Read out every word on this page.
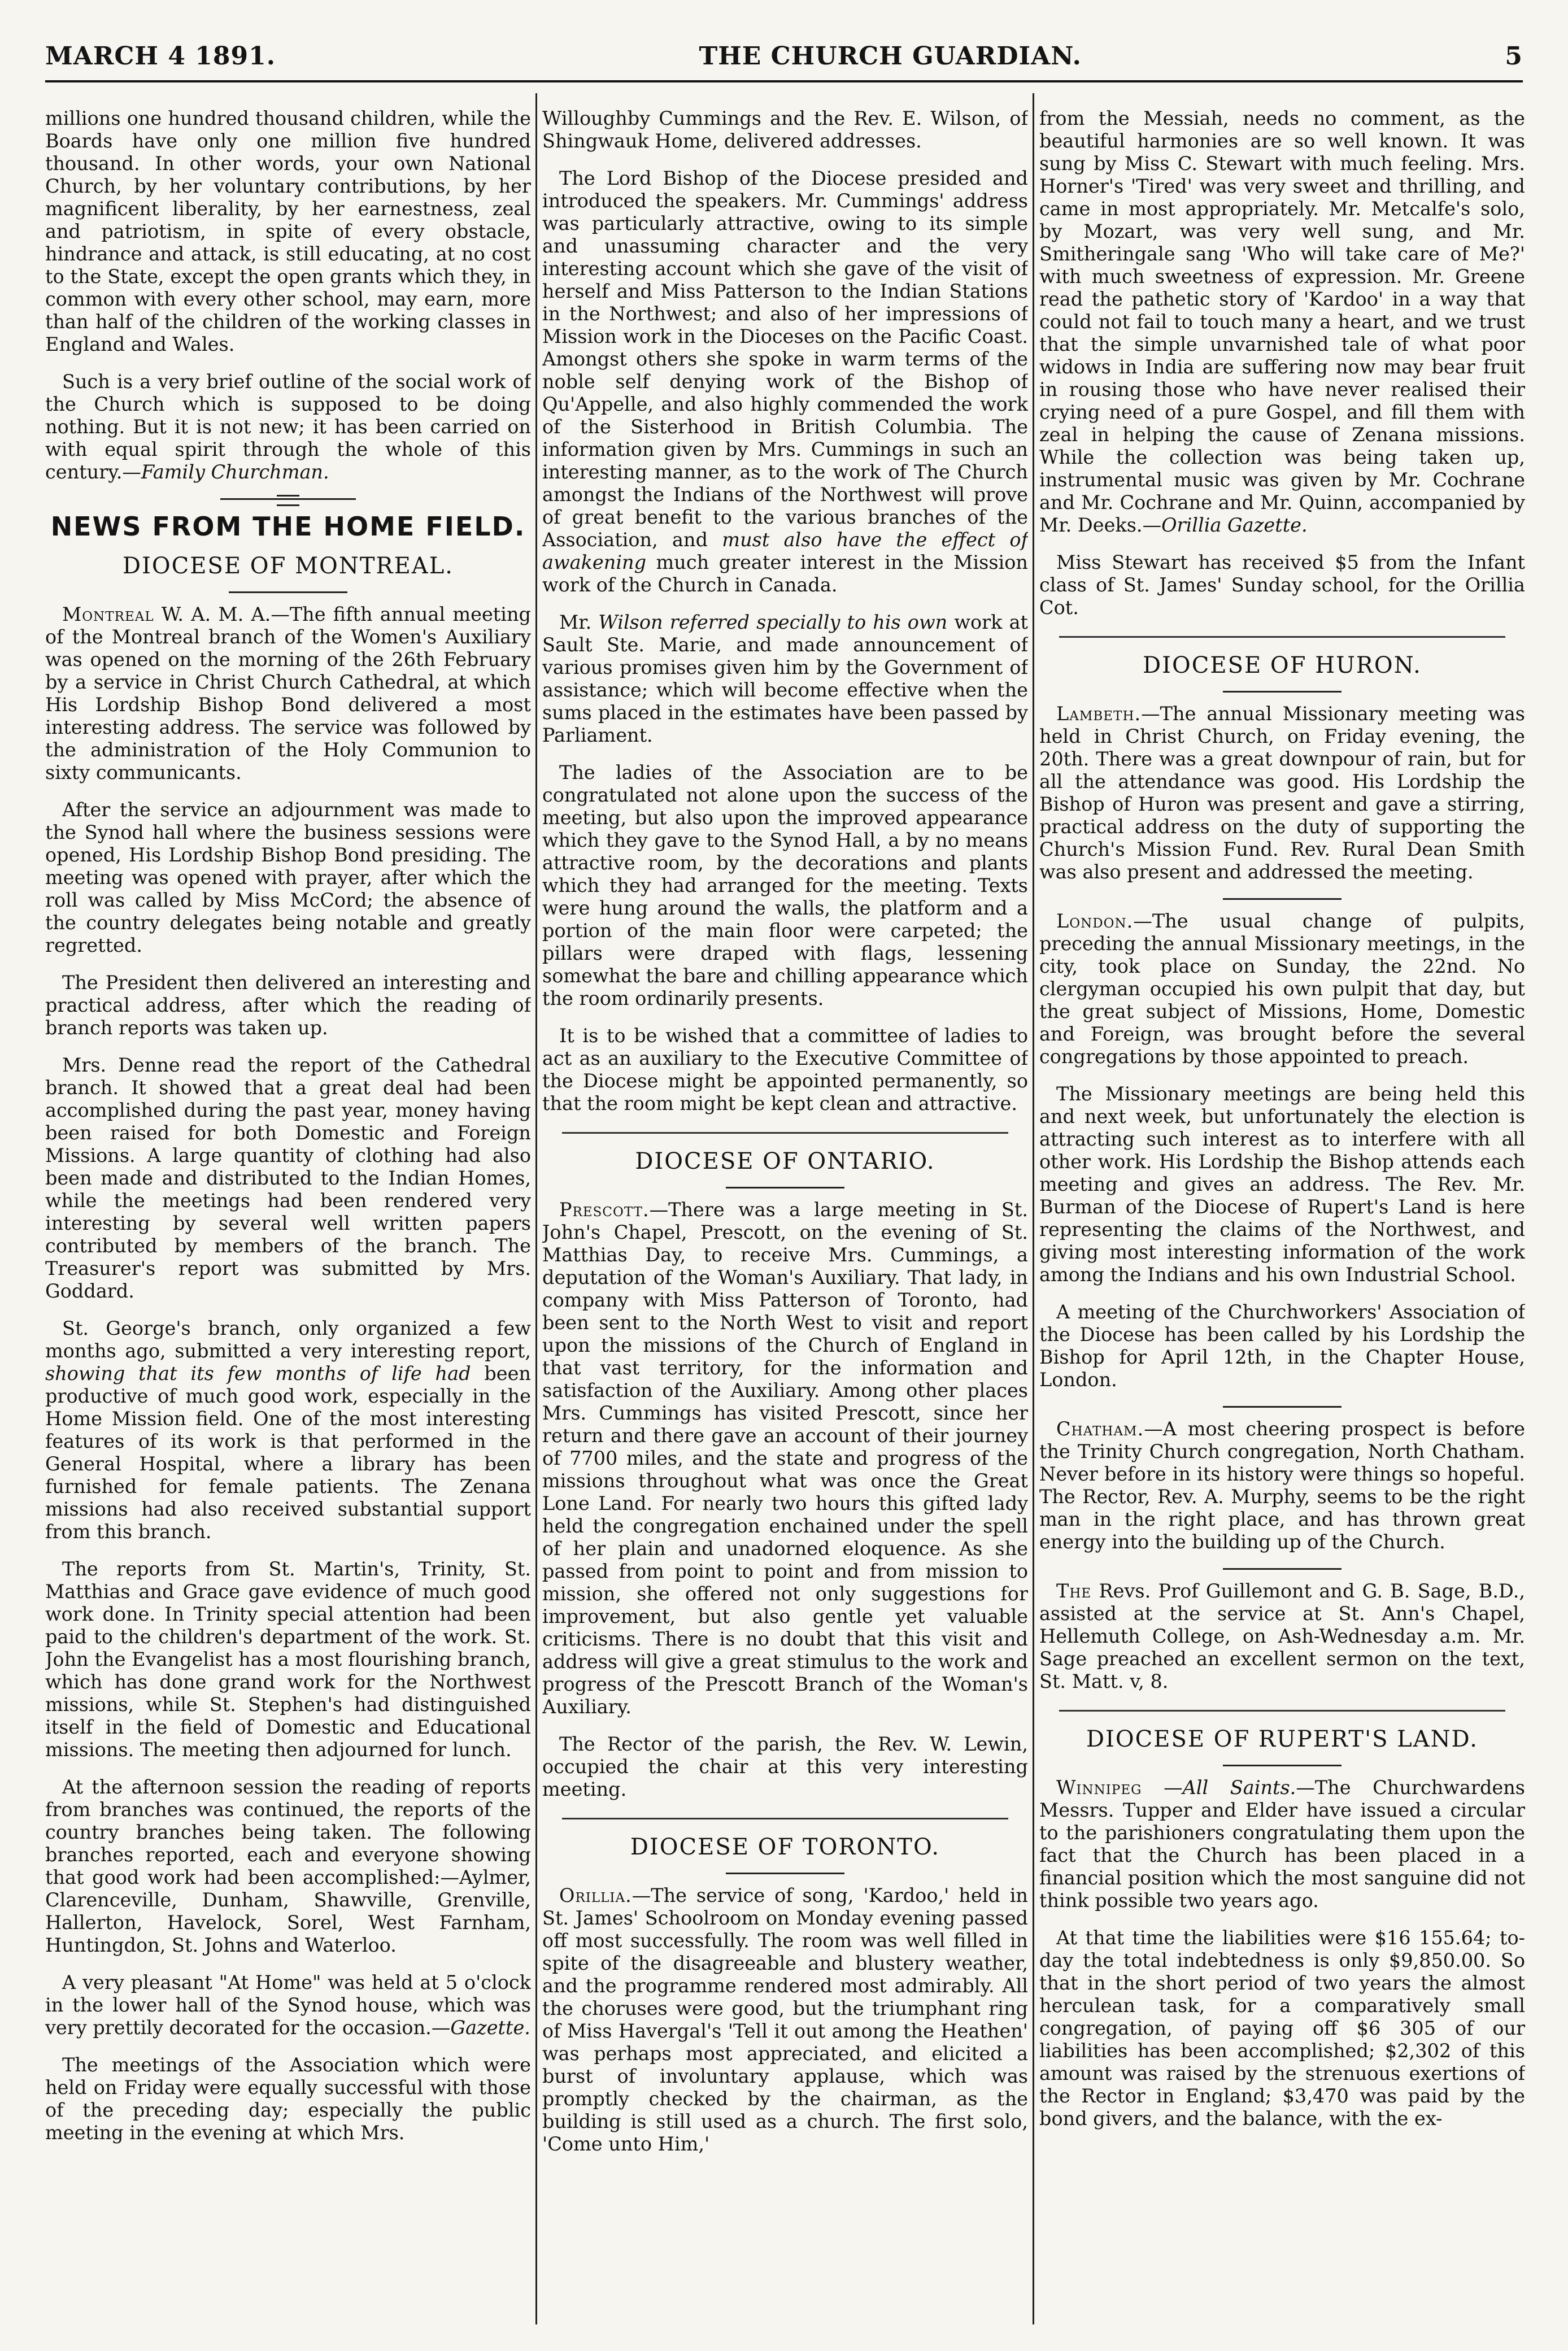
MARCH 4 1891.	THE CHURCH GUARDIAN.	5

millions one hundred thousand children, while the Boards have only one million five hundred thousand. In other words, your own National Church, by her voluntary contributions, by her magnificent liberality, by her earnestness, zeal and patriotism, in spite of every obstacle, hindrance and attack, is still educating, at no cost to the State, except the open grants which they, in common with every other school, may earn, more than half of the children of the working classes in England and Wales.

Such is a very brief outline of the social work of the Church which is supposed to be doing nothing. But it is not new; it has been carried on with equal spirit through the whole of this century.—Family Churchman.

NEWS FROM THE HOME FIELD.
DIOCESE OF MONTREAL.

Montreal W. A. M. A.—The fifth annual meeting of the Montreal branch of the Women's Auxiliary was opened on the morning of the 26th February by a service in Christ Church Cathedral, at which His Lordship Bishop Bond delivered a most interesting address. The service was followed by the administration of the Holy Communion to sixty communicants.

After the service an adjournment was made to the Synod hall where the business sessions were opened, His Lordship Bishop Bond presiding. The meeting was opened with prayer, after which the roll was called by Miss McCord; the absence of the country delegates being notable and greatly regretted.

The President then delivered an interesting and practical address, after which the reading of branch reports was taken up.

Mrs. Denne read the report of the Cathedral branch. It showed that a great deal had been accomplished during the past year, money having been raised for both Domestic and Foreign Missions. A large quantity of clothing had also been made and distributed to the Indian Homes, while the meetings had been rendered very interesting by several well written papers contributed by members of the branch. The Treasurer's report was submitted by Mrs. Goddard.

St. George's branch, only organized a few months ago, submitted a very interesting report, showing that its few months of life had been productive of much good work, especially in the Home Mission field. One of the most interesting features of its work is that performed in the General Hospital, where a library has been furnished for female patients. The Zenana missions had also received substantial support from this branch.

The reports from St. Martin's, Trinity, St. Matthias and Grace gave evidence of much good work done. In Trinity special attention had been paid to the children's department of the work. St. John the Evangelist has a most flourishing branch, which has done grand work for the Northwest missions, while St. Stephen's had distinguished itself in the field of Domestic and Educational missions. The meeting then adjourned for lunch.

At the afternoon session the reading of reports from branches was continued, the reports of the country branches being taken. The following branches reported, each and everyone showing that good work had been accomplished:—Aylmer, Clarenceville, Dunham, Shawville, Grenville, Hallerton, Havelock, Sorel, West Farnham, Huntingdon, St. Johns and Waterloo.

A very pleasant "At Home" was held at 5 o'clock in the lower hall of the Synod house, which was very prettily decorated for the occasion.—Gazette.

The meetings of the Association which were held on Friday were equally successful with those of the preceding day; especially the public meeting in the evening at which Mrs.

Willoughby Cummings and the Rev. E. Wilson, of Shingwauk Home, delivered addresses.

The Lord Bishop of the Diocese presided and introduced the speakers. Mr. Cummings' address was particularly attractive, owing to its simple and unassuming character and the very interesting account which she gave of the visit of herself and Miss Patterson to the Indian Stations in the Northwest; and also of her impressions of Mission work in the Dioceses on the Pacific Coast. Amongst others she spoke in warm terms of the noble self denying work of the Bishop of Qu'Appelle, and also highly commended the work of the Sisterhood in British Columbia. The information given by Mrs. Cummings in such an interesting manner, as to the work of The Church amongst the Indians of the Northwest will prove of great benefit to the various branches of the Association, and must also have the effect of awakening much greater interest in the Mission work of the Church in Canada.

Mr. Wilson referred specially to his own work at Sault Ste. Marie, and made announcement of various promises given him by the Government of assistance; which will become effective when the sums placed in the estimates have been passed by Parliament.

The ladies of the Association are to be congratulated not alone upon the success of the meeting, but also upon the improved appearance which they gave to the Synod Hall, a by no means attractive room, by the decorations and plants which they had arranged for the meeting. Texts were hung around the walls, the platform and a portion of the main floor were carpeted; the pillars were draped with flags, lessening somewhat the bare and chilling appearance which the room ordinarily presents.

It is to be wished that a committee of ladies to act as an auxiliary to the Executive Committee of the Diocese might be appointed permanently, so that the room might be kept clean and attractive.

DIOCESE OF ONTARIO.

Prescott.—There was a large meeting in St. John's Chapel, Prescott, on the evening of St. Matthias Day, to receive Mrs. Cummings, a deputation of the Woman's Auxiliary. That lady, in company with Miss Patterson of Toronto, had been sent to the North West to visit and report upon the missions of the Church of England in that vast territory, for the information and satisfaction of the Auxiliary. Among other places Mrs. Cummings has visited Prescott, since her return and there gave an account of their journey of 7700 miles, and the state and progress of the missions throughout what was once the Great Lone Land. For nearly two hours this gifted lady held the congregation enchained under the spell of her plain and unadorned eloquence. As she passed from point to point and from mission to mission, she offered not only suggestions for improvement, but also gentle yet valuable criticisms. There is no doubt that this visit and address will give a great stimulus to the work and progress of the Prescott Branch of the Woman's Auxiliary.

The Rector of the parish, the Rev. W. Lewin, occupied the chair at this very interesting meeting.

DIOCESE OF TORONTO.

Orillia.—The service of song, 'Kardoo,' held in St. James' Schoolroom on Monday evening passed off most successfully. The room was well filled in spite of the disagreeable and blustery weather, and the programme rendered most admirably. All the choruses were good, but the triumphant ring of Miss Havergal's 'Tell it out among the Heathen' was perhaps most appreciated, and elicited a burst of involuntary applause, which was promptly checked by the chairman, as the building is still used as a church. The first solo, 'Come unto Him,'

from the Messiah, needs no comment, as the beautiful harmonies are so well known. It was sung by Miss C. Stewart with much feeling. Mrs. Horner's 'Tired' was very sweet and thrilling, and came in most appropriately. Mr. Metcalfe's solo, by Mozart, was very well sung, and Mr. Smitheringale sang 'Who will take care of Me?' with much sweetness of expression. Mr. Greene read the pathetic story of 'Kardoo' in a way that could not fail to touch many a heart, and we trust that the simple unvarnished tale of what poor widows in India are suffering now may bear fruit in rousing those who have never realised their crying need of a pure Gospel, and fill them with zeal in helping the cause of Zenana missions. While the collection was being taken up, instrumental music was given by Mr. Cochrane and Mr. Cochrane and Mr. Quinn, accompanied by Mr. Deeks.—Orillia Gazette.

Miss Stewart has received $5 from the Infant class of St. James' Sunday school, for the Orillia Cot.

DIOCESE OF HURON.

Lambeth.—The annual Missionary meeting was held in Christ Church, on Friday evening, the 20th. There was a great downpour of rain, but for all the attendance was good. His Lordship the Bishop of Huron was present and gave a stirring, practical address on the duty of supporting the Church's Mission Fund. Rev. Rural Dean Smith was also present and addressed the meeting.

London.—The usual change of pulpits, preceding the annual Missionary meetings, in the city, took place on Sunday, the 22nd. No clergyman occupied his own pulpit that day, but the great subject of Missions, Home, Domestic and Foreign, was brought before the several congregations by those appointed to preach.

The Missionary meetings are being held this and next week, but unfortunately the election is attracting such interest as to interfere with all other work. His Lordship the Bishop attends each meeting and gives an address. The Rev. Mr. Burman of the Diocese of Rupert's Land is here representing the claims of the Northwest, and giving most interesting information of the work among the Indians and his own Industrial School.

A meeting of the Churchworkers' Association of the Diocese has been called by his Lordship the Bishop for April 12th, in the Chapter House, London.

Chatham.—A most cheering prospect is before the Trinity Church congregation, North Chatham. Never before in its history were things so hopeful. The Rector, Rev. A. Murphy, seems to be the right man in the right place, and has thrown great energy into the building up of the Church.

The Revs. Prof Guillemont and G. B. Sage, B.D., assisted at the service at St. Ann's Chapel, Hellemuth College, on Ash-Wednesday a.m. Mr. Sage preached an excellent sermon on the text, St. Matt. v, 8.

DIOCESE OF RUPERT'S LAND.

Winnipeg —All Saints.—The Churchwardens Messrs. Tupper and Elder have issued a circular to the parishioners congratulating them upon the fact that the Church has been placed in a financial position which the most sanguine did not think possible two years ago.

At that time the liabilities were $16 155.64; to-day the total indebtedness is only $9,850.00. So that in the short period of two years the almost herculean task, for a comparatively small congregation, of paying off $6 305 of our liabilities has been accomplished; $2,302 of this amount was raised by the strenuous exertions of the Rector in England; $3,470 was paid by the bond givers, and the balance, with the ex-
